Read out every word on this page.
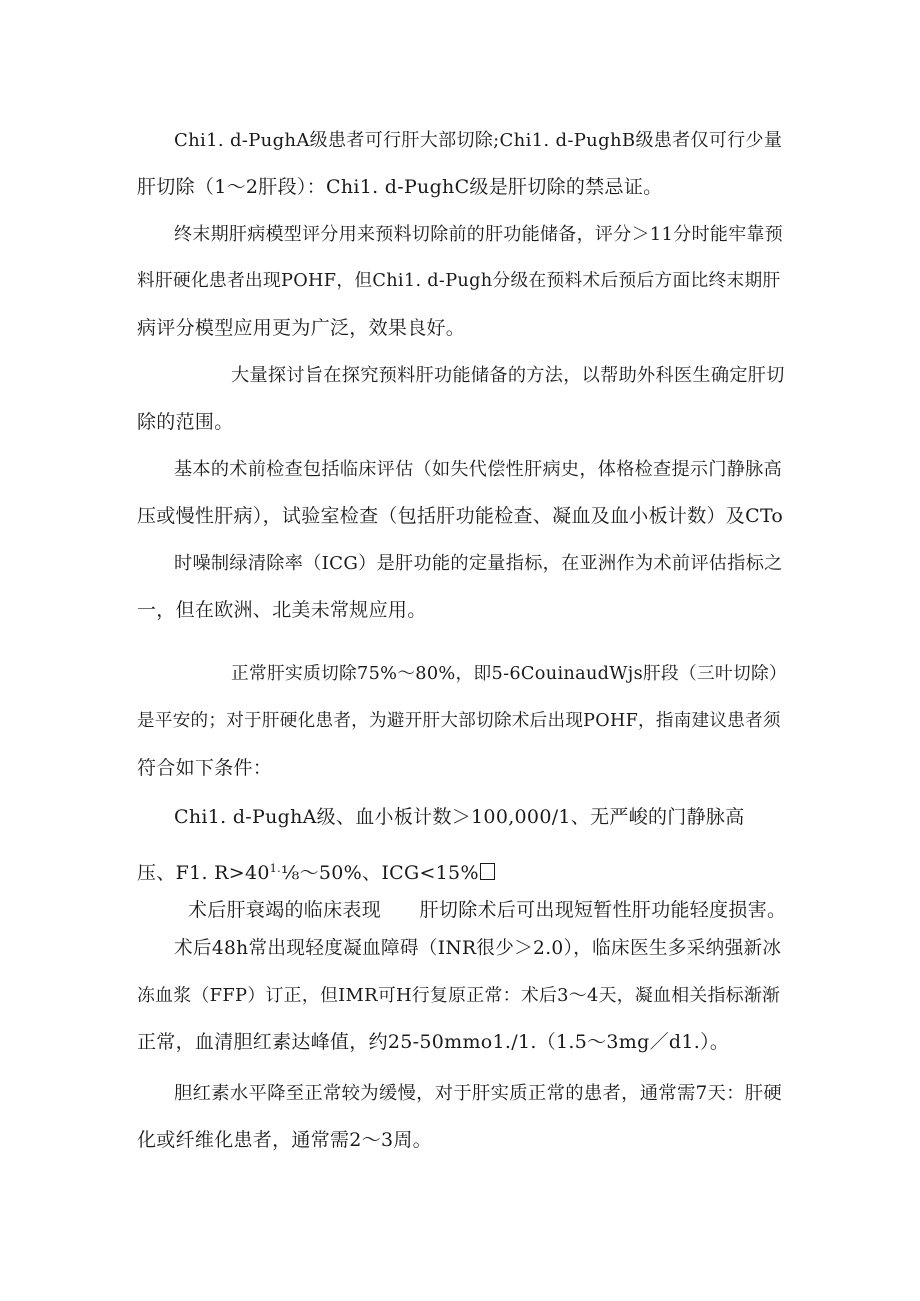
Chi1. d-PughA级患者可行肝大部切除;Chi1. d-PughB级患者仅可行少量
肝切除（1～2肝段）：Chi1. d-PughC级是肝切除的禁忌证。

终末期肝病模型评分用来预料切除前的肝功能储备，评分＞11分时能牢靠预
料肝硬化患者出现POHF，但Chi1. d-Pugh分级在预料术后预后方面比终末期肝
病评分模型应用更为广泛，效果良好。

大量探讨旨在探究预料肝功能储备的方法，以帮助外科医生确定肝切
除的范围。

基本的术前检查包括临床评估（如失代偿性肝病史，体格检查提示门静脉高
压或慢性肝病），试验室检查（包括肝功能检查、凝血及血小板计数）及CTo

时噪制绿清除率（ICG）是肝功能的定量指标，在亚洲作为术前评估指标之
一，但在欧洲、北美未常规应用。

正常肝实质切除75%～80%，即5-6CouinaudWjs肝段（三叶切除）
是平安的；对于肝硬化患者，为避开肝大部切除术后出现POHF，指南建议患者须
符合如下条件：

Chi1. d-PughA级、血小板计数＞100,000/1、无严峻的门静脉高

压、F1. $R>40^{1.}\frac{1}{8}\sim 50\%$、ICG<15%

术后肝衰竭的临床表现　　肝切除术后可出现短暂性肝功能轻度损害。

术后48h常出现轻度凝血障碍（INR很少＞2.0），临床医生多采纳强新冰
冻血浆（FFP）订正，但IMR可H行复原正常：术后3～4天，凝血相关指标渐渐
正常，血清胆红素达峰值，约25-50mmo1./1.（1.5～3mg／d1.）。

胆红素水平降至正常较为缓慢，对于肝实质正常的患者，通常需7天：肝硬
化或纤维化患者，通常需2～3周。
